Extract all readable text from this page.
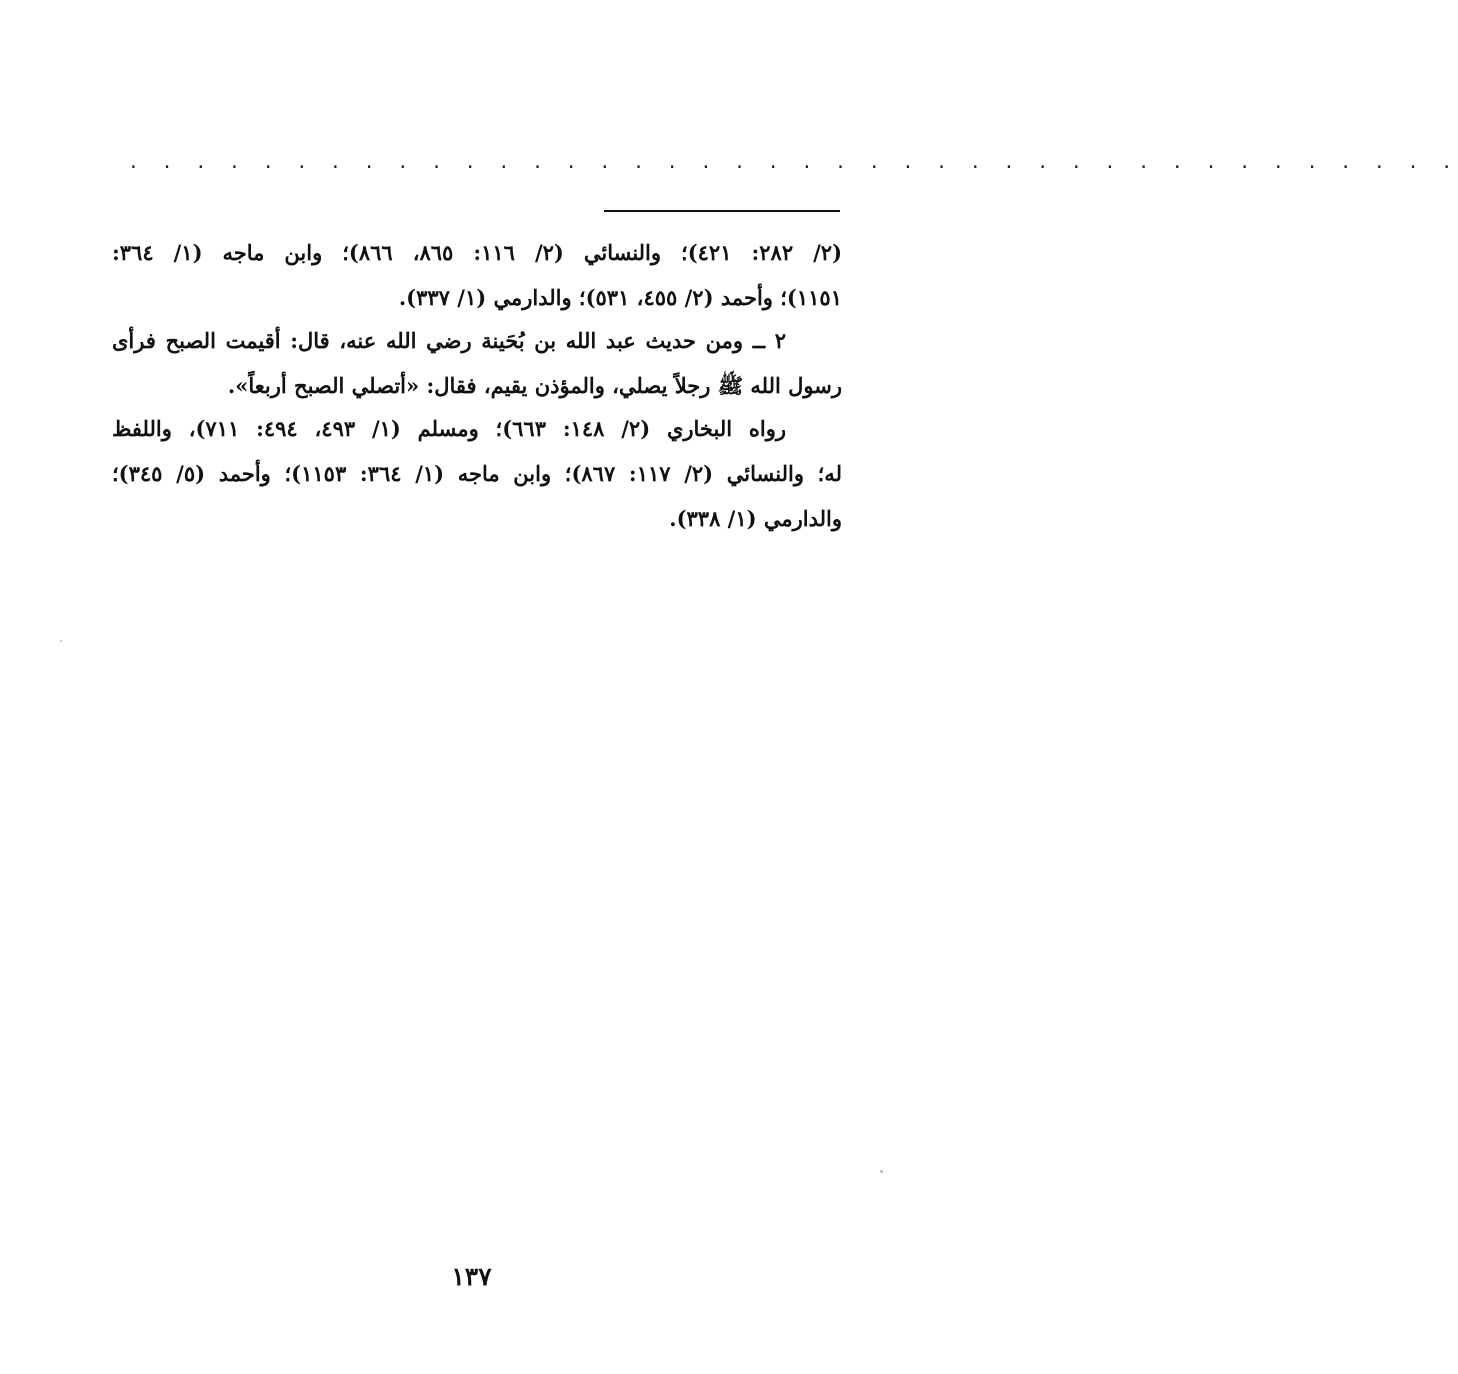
. . . . . . . . . . . . . . . . . . . . . . . . . . . . . . . . . . . . . . . .
(٢/ ٢٨٢: ٤٢١)؛ والنسائي (٢/ ١١٦: ٨٦٥، ٨٦٦)؛ وابن ماجه (١/ ٣٦٤:
١١٥١)؛ وأحمد (٢/ ٤٥٥، ٥٣١)؛ والدارمي (١/ ٣٣٧).
٢ ــ ومن حديث عبد الله بن بُحَينة رضي الله عنه، قال: أقيمت الصبح فرأى
رسول الله ﷺ رجلاً يصلي، والمؤذن يقيم، فقال: «أتصلي الصبح أربعاً».
رواه البخاري (٢/ ١٤٨: ٦٦٣)؛ ومسلم (١/ ٤٩٣، ٤٩٤: ٧١١)، واللفظ
له؛ والنسائي (٢/ ١١٧: ٨٦٧)؛ وابن ماجه (١/ ٣٦٤: ١١٥٣)؛ وأحمد (٥/ ٣٤٥)؛
والدارمي (١/ ٣٣٨).
١٣٧
